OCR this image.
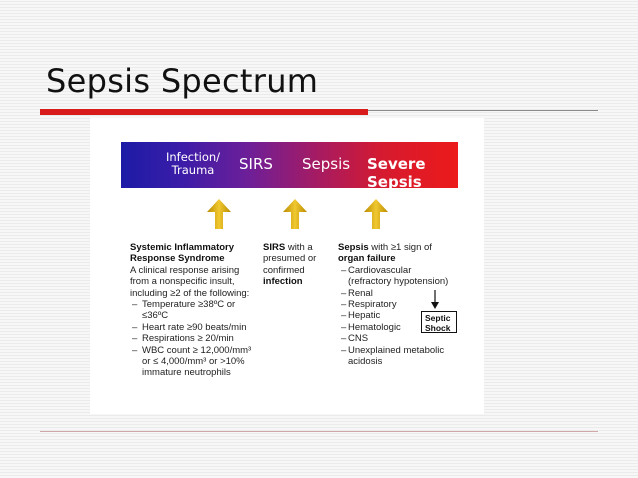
Sepsis Spectrum
Infection/ Trauma	SIRS Sepsis Severe Sepsis
Systemic Inflammatory Response Syndrome
A clinical response arising from a nonspecific insult, including ≥2 of the following:
– Temperature ≥38ºC or ≤36ºC
– Heart rate ≥90 beats/min
– Respirations ≥ 20/min
– WBC count ≥ 12,000/mm³ or ≤ 4,000/mm³ or >10% immature neutrophils
SIRS with a presumed or confirmed infection
Sepsis with ≥1 sign of organ failure
– Cardiovascular (refractory hypotension)
– Renal
– Respiratory
– Hepatic
– Hematologic
– CNS
– Unexplained metabolic acidosis
Septic Shock
